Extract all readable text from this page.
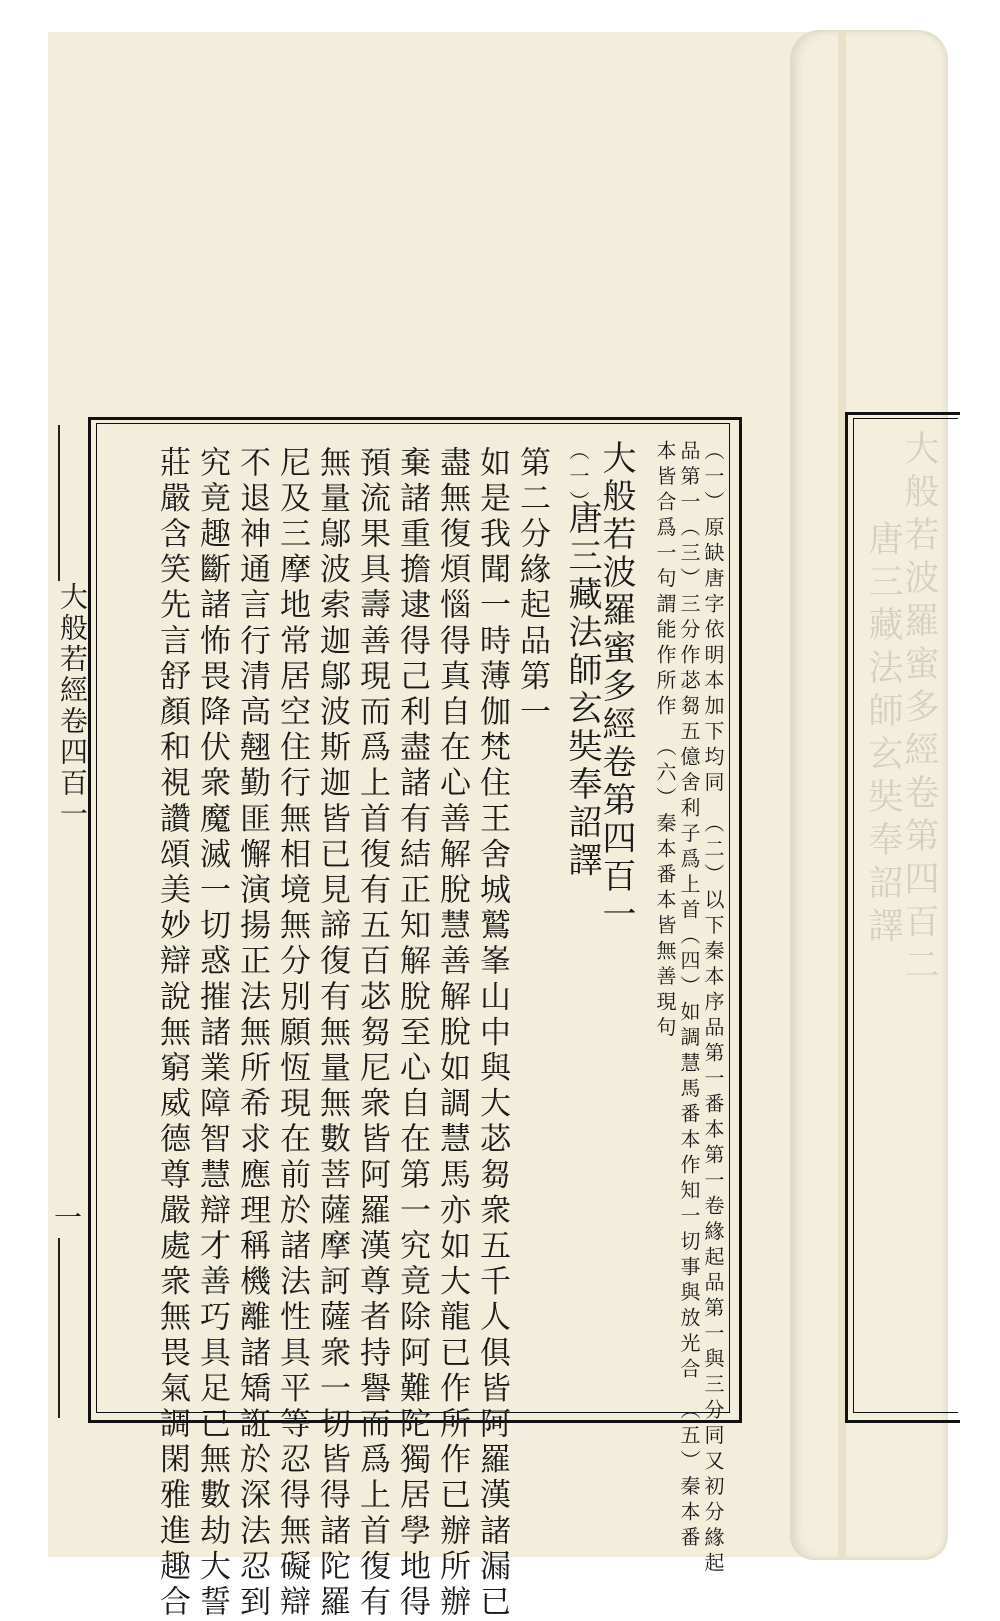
大般若波羅蜜多經卷第四百二
唐三藏法師玄奘奉詔譯
大般若經卷四百一
一	（一）原缺唐字依明本加下均同　（二）以下秦本序品第一番本第一卷緣起品第一與三分同又初分緣起
品第一（三）三分作苾芻五億舍利子爲上首（四）如調慧馬番本作知一切事與放光合　（五）秦本番
本皆合爲一句謂能作所作　（六）秦本番本皆無善現句
大般若波羅蜜多經卷第四百一
（一）
唐三藏法師玄奘奉詔譯
第二分緣起品第一
如是我聞一時薄伽梵住王舍城鷲峯山中與大苾芻衆五千人俱皆阿羅漢諸漏已
盡無復煩惱得真自在心善解脫慧善解脫如調慧馬亦如大龍已作所作已辦所辦
棄諸重擔逮得己利盡諸有結正知解脫至心自在第一究竟除阿難陀獨居學地得
預流果具壽善現而爲上首復有五百苾芻尼衆皆阿羅漢尊者持譽而爲上首復有
無量鄔波索迦鄔波斯迦皆已見諦復有無量無數菩薩摩訶薩衆一切皆得諸陀羅
尼及三摩地常居空住行無相境無分別願恆現在前於諸法性具平等忍得無礙辯
不退神通言行清高翹勤匪懈演揚正法無所希求應理稱機離諸矯誑於深法忍到
究竟趣斷諸怖畏降伏衆魔滅一切惑摧諸業障智慧辯才善巧具足已無數劫大誓
莊嚴含笑先言舒顏和視讚頌美妙辯說無窮威德尊嚴處衆無畏氣調閑雅進趣合
